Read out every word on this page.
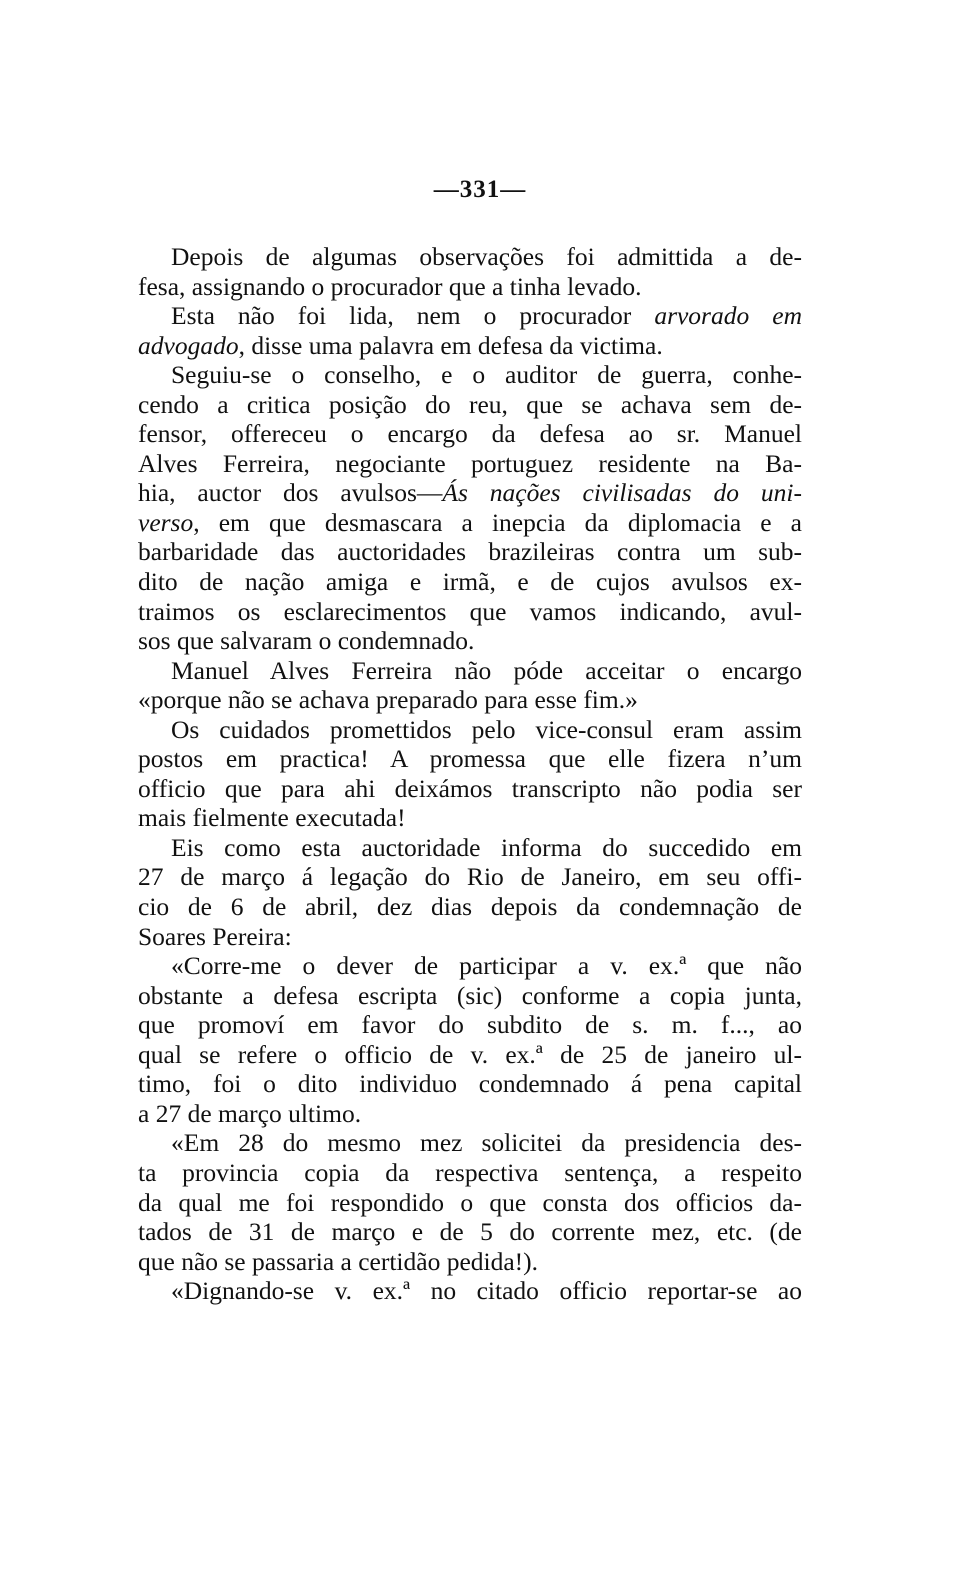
—331—
Depois de algumas observações foi admittida a de-
fesa, assignando o procurador que a tinha levado.
Esta não foi lida, nem o procurador arvorado em
advogado, disse uma palavra em defesa da victima.
Seguiu-se o conselho, e o auditor de guerra, conhe-
cendo a critica posição do reu, que se achava sem de-
fensor, offereceu o encargo da defesa ao sr. Manuel
Alves Ferreira, negociante portuguez residente na Ba-
hia, auctor dos avulsos—Ás nações civilisadas do uni-
verso, em que desmascara a inepcia da diplomacia e a
barbaridade das auctoridades brazileiras contra um sub-
dito de nação amiga e irmã, e de cujos avulsos ex-
traimos os esclarecimentos que vamos indicando, avul-
sos que salvaram o condemnado.
Manuel Alves Ferreira não póde acceitar o encargo
«porque não se achava preparado para esse fim.»
Os cuidados promettidos pelo vice-consul eram assim
postos em practica! A promessa que elle fizera n’um
officio que para ahi deixámos transcripto não podia ser
mais fielmente executada!
Eis como esta auctoridade informa do succedido em
27 de março á legação do Rio de Janeiro, em seu offi-
cio de 6 de abril, dez dias depois da condemnação de
Soares Pereira:
«Corre-me o dever de participar a v. ex.ª que não
obstante a defesa escripta (sic) conforme a copia junta,
que promoví em favor do subdito de s. m. f..., ao
qual se refere o officio de v. ex.ª de 25 de janeiro ul-
timo, foi o dito individuo condemnado á pena capital
a 27 de março ultimo.
«Em 28 do mesmo mez solicitei da presidencia des-
ta provincia copia da respectiva sentença, a respeito
da qual me foi respondido o que consta dos officios da-
tados de 31 de março e de 5 do corrente mez, etc. (de
que não se passaria a certidão pedida!).
«Dignando-se v. ex.ª no citado officio reportar-se ao
